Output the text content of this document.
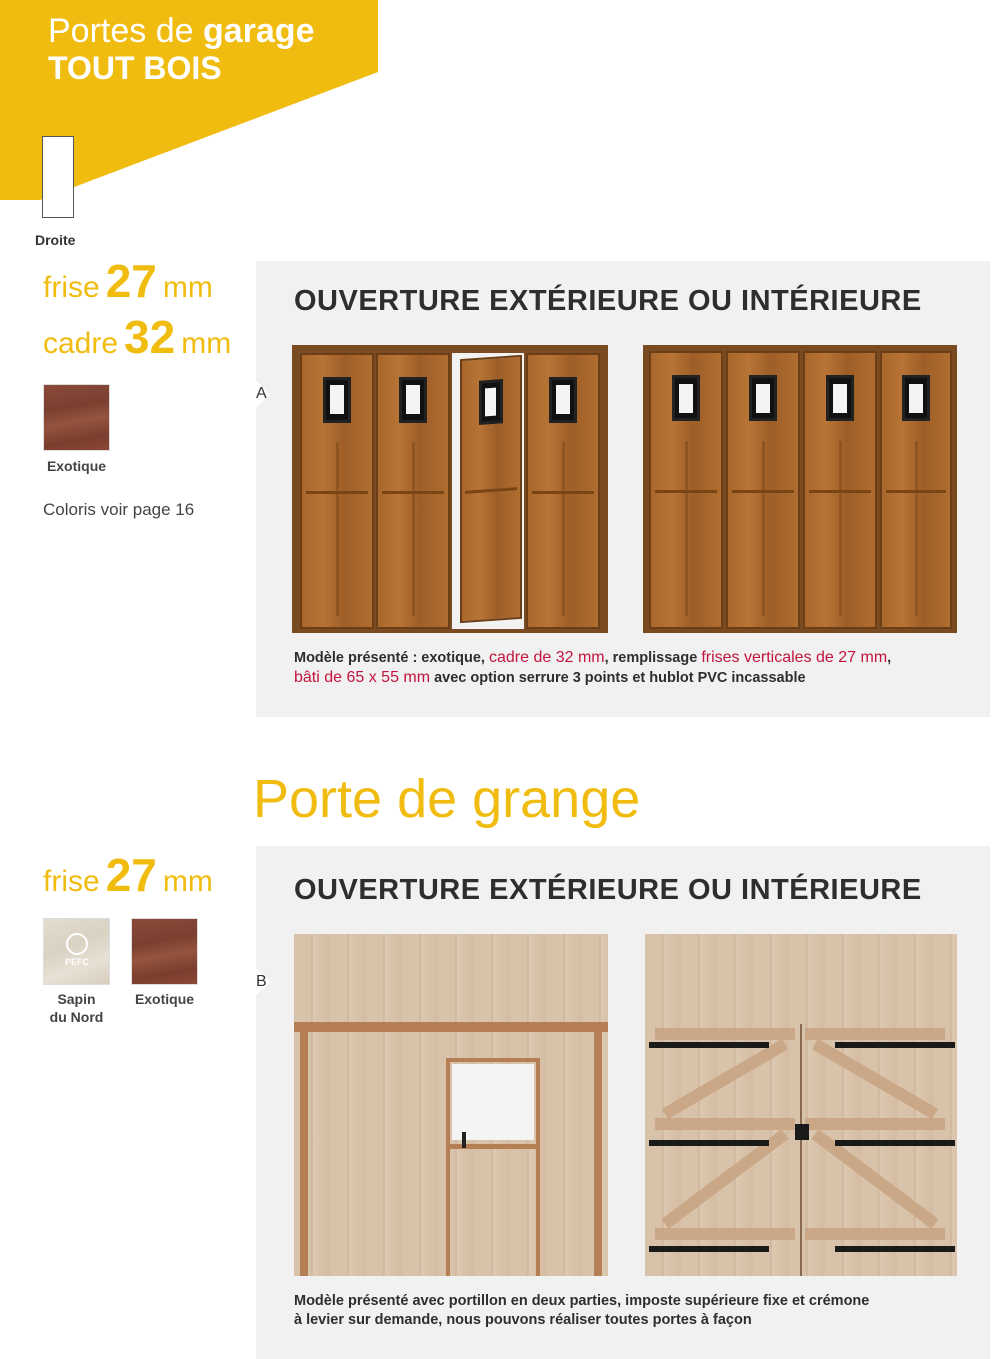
Portes de garage
TOUT BOIS
Droite
frise 27 mm
cadre 32 mm
Exotique
Coloris voir page 16
OUVERTURE EXTÉRIEURE OU INTÉRIEURE
A
Modèle présenté : exotique, cadre de 32 mm, remplissage frises verticales de 27 mm,
bâti de 65 x 55 mm avec option serrure 3 points et hublot PVC incassable
Porte de grange
frise 27 mm
PEFC
Sapin
du Nord
Exotique
OUVERTURE EXTÉRIEURE OU INTÉRIEURE
B
Modèle présenté avec portillon en deux parties, imposte supérieure fixe et crémone
à levier sur demande, nous pouvons réaliser toutes portes à façon
